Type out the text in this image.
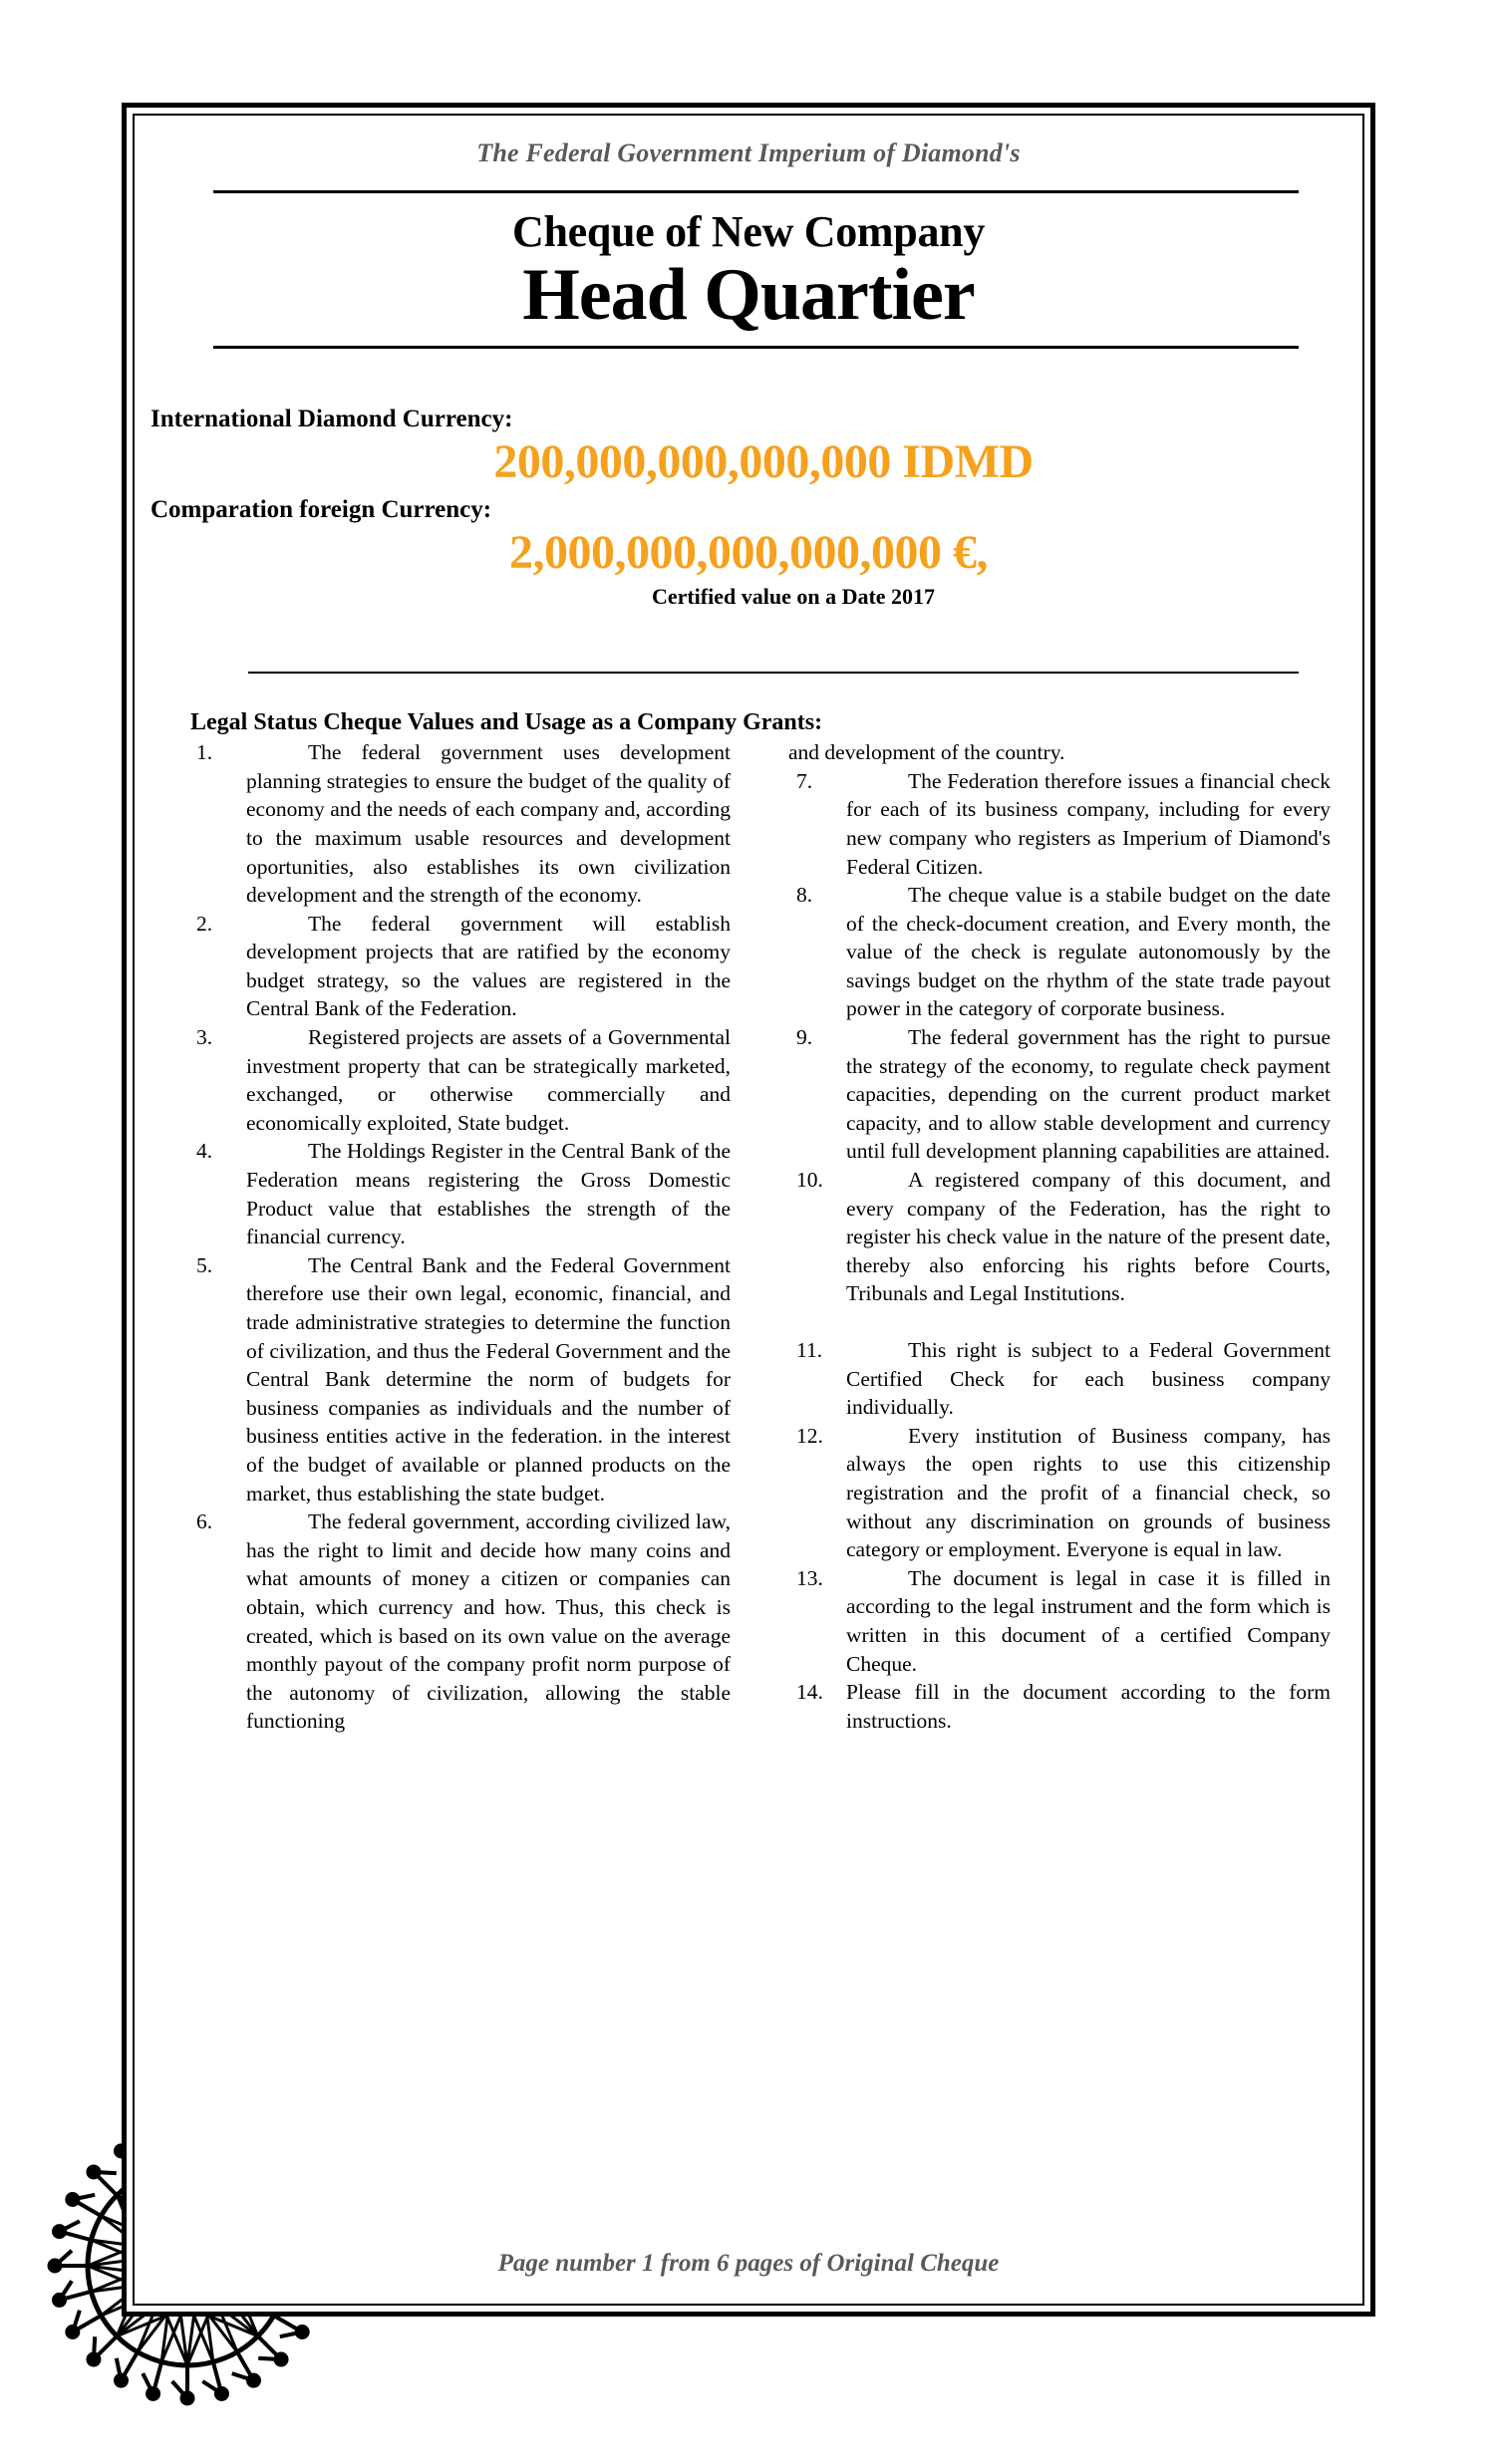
The Federal Government Imperium of Diamond's
Cheque of New Company
Head Quartier
International Diamond Currency:
200,000,000,000,000 IDMD
Comparation foreign Currency:
2,000,000,000,000,000 €,
Certified value on a Date 2017
Legal Status Cheque Values and Usage as a Company Grants:

1.	The federal government uses development planning strategies to ensure the budget of the quality of economy and the needs of each company and, according to the maximum usable resources and development oportunities, also establishes its own civilization development and the strength of the economy.

2.	The federal government will establish development projects that are ratified by the economy budget strategy, so the values are registered in the Central Bank of the Federation.

3.	Registered projects are assets of a Governmental investment property that can be strategically marketed, exchanged, or otherwise commercially and economically exploited, State budget.

4.	The Holdings Register in the Central Bank of the Federation means registering the Gross Domestic Product value that establishes the strength of the financial currency.

5.	The Central Bank and the Federal Government therefore use their own legal, economic, financial, and trade administrative strategies to determine the function of civilization, and thus the Federal Government and the Central Bank determine the norm of budgets for business companies as individuals and the number of business entities active in the federation. in the interest of the budget of available or planned products on the market, thus establishing the state budget.

6.	The federal government, according civilized law, has the right to limit and decide how many coins and what amounts of money a citizen or companies can obtain, which currency and how. Thus, this check is created, which is based on its own value on the average monthly payout of the company profit norm purpose of the autonomy of civilization, allowing the stable functioning

and development of the country.

7.	The Federation therefore issues a financial check for each of its business company, including for every new company who registers as Imperium of Diamond's Federal Citizen.

8.	The cheque value is a stabile budget on the date of the check-document creation, and Every month, the value of the check is regulate autonomously by the savings budget on the rhythm of the state trade payout power in the category of corporate business.

9.	The federal government has the right to pursue the strategy of the economy, to regulate check payment capacities, depending on the current product market capacity, and to allow stable development and currency until full development planning capabilities are attained.

10.	A registered company of this document, and every company of the Federation, has the right to register his check value in the nature of the present date, thereby also enforcing his rights before Courts, Tribunals and Legal Institutions.

11.	This right is subject to a Federal Government Certified Check for each business company individually.

12.	Every institution of Business company, has always the open rights to use this citizenship registration and the profit of a financial check, so without any discrimination on grounds of business category or employment. Everyone is equal in law.

13.	The document is legal in case it is filled in according to the legal instrument and the form which is written in this document of a certified Company Cheque.

14.	Please fill in the document according to the form instructions.

Page number 1 from 6 pages of Original Cheque
